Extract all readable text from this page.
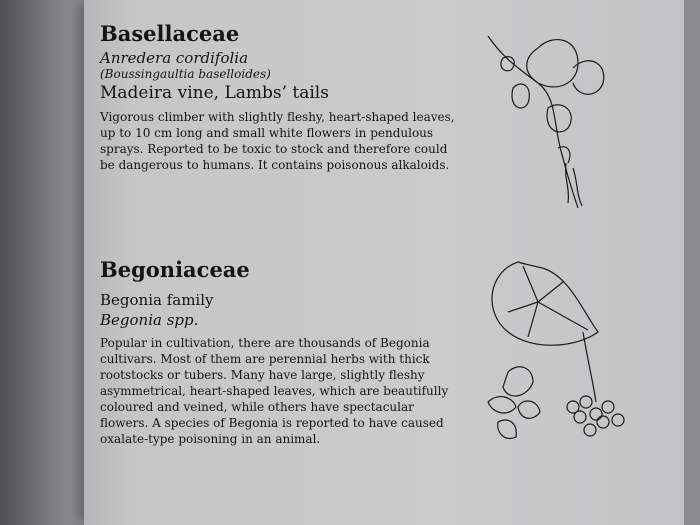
Basellaceae
Anredera cordifolia
(Boussingaultia baselloides)
Madeira vine, Lambs’ tails
Vigorous climber with slightly fleshy, heart-shaped leaves, up to 10 cm long and small white flowers in pendulous sprays. Reported to be toxic to stock and therefore could be dangerous to humans. It contains poisonous alkaloids.
Begoniaceae
Begonia family
Begonia spp.
Popular in cultivation, there are thousands of Begonia cultivars. Most of them are perennial herbs with thick rootstocks or tubers. Many have large, slightly fleshy asymmetrical, heart-shaped leaves, which are beautifully coloured and veined, while others have spectacular flowers. A species of Begonia is reported to have caused oxalate-type poisoning in an animal.
